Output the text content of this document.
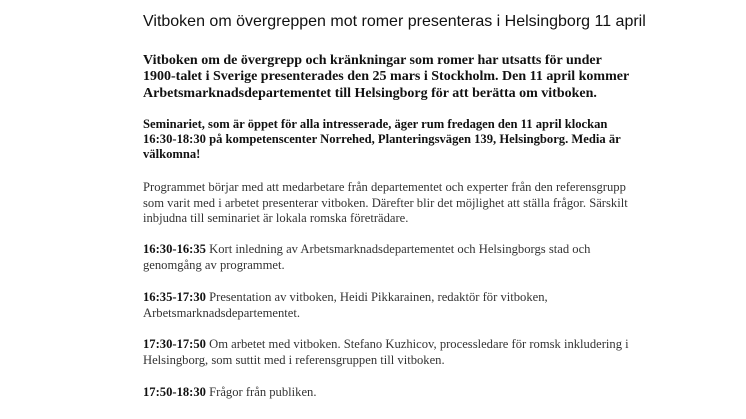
Vitboken om övergreppen mot romer presenteras i Helsingborg 11 april
Vitboken om de övergrepp och kränkningar som romer har utsatts för under 1900-talet i Sverige presenterades den 25 mars i Stockholm. Den 11 april kommer Arbetsmarknadsdepartementet till Helsingborg för att berätta om vitboken.
Seminariet, som är öppet för alla intresserade, äger rum fredagen den 11 april klockan 16:30-18:30 på kompetenscenter Norrehed, Planteringsvägen 139, Helsingborg. Media är välkomna!
Programmet börjar med att medarbetare från departementet och experter från den referensgrupp som varit med i arbetet presenterar vitboken. Därefter blir det möjlighet att ställa frågor. Särskilt inbjudna till seminariet är lokala romska företrädare.
16:30-16:35 Kort inledning av Arbetsmarknadsdepartementet och Helsingborgs stad och genomgång av programmet.
16:35-17:30 Presentation av vitboken, Heidi Pikkarainen, redaktör för vitboken, Arbetsmarknadsdepartementet.
17:30-17:50 Om arbetet med vitboken. Stefano Kuzhicov, processledare för romsk inkludering i Helsingborg, som suttit med i referensgruppen till vitboken.
17:50-18:30 Frågor från publiken.
